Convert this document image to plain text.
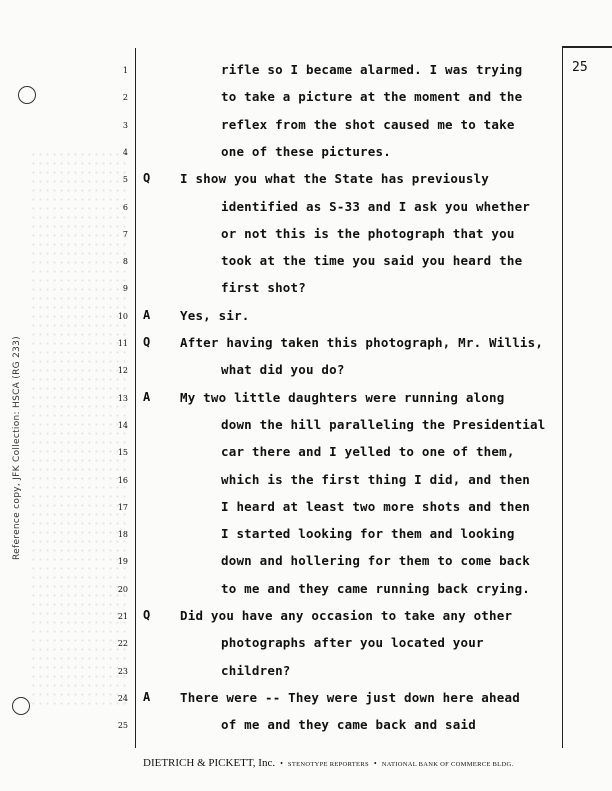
Reference copy, JFK Collection: HSCA (RG 233)
25
1	rifle so I became alarmed. I was trying
2	to take a picture at the moment and the
3	reflex from the shot caused me to take
4	one of these pictures.
5 Q I show you what the State has previously
6	identified as S-33 and I ask you whether
7	or not this is the photograph that you
8	took at the time you said you heard the
9	first shot?
10 A Yes, sir.
11 Q After having taken this photograph, Mr. Willis,
12	what did you do?
13 A My two little daughters were running along
14	down the hill paralleling the Presidential
15	car there and I yelled to one of them,
16	which is the first thing I did, and then
17	I heard at least two more shots and then
18	I started looking for them and looking
19	down and hollering for them to come back
20	to me and they came running back crying.
21 Q Did you have any occasion to take any other
22	photographs after you located your
23	children?
24 A There were -- They were just down here ahead
25	of me and they came back and said
DIETRICH & PICKETT, Inc. • STENOTYPE REPORTERS • NATIONAL BANK OF COMMERCE BLDG.
